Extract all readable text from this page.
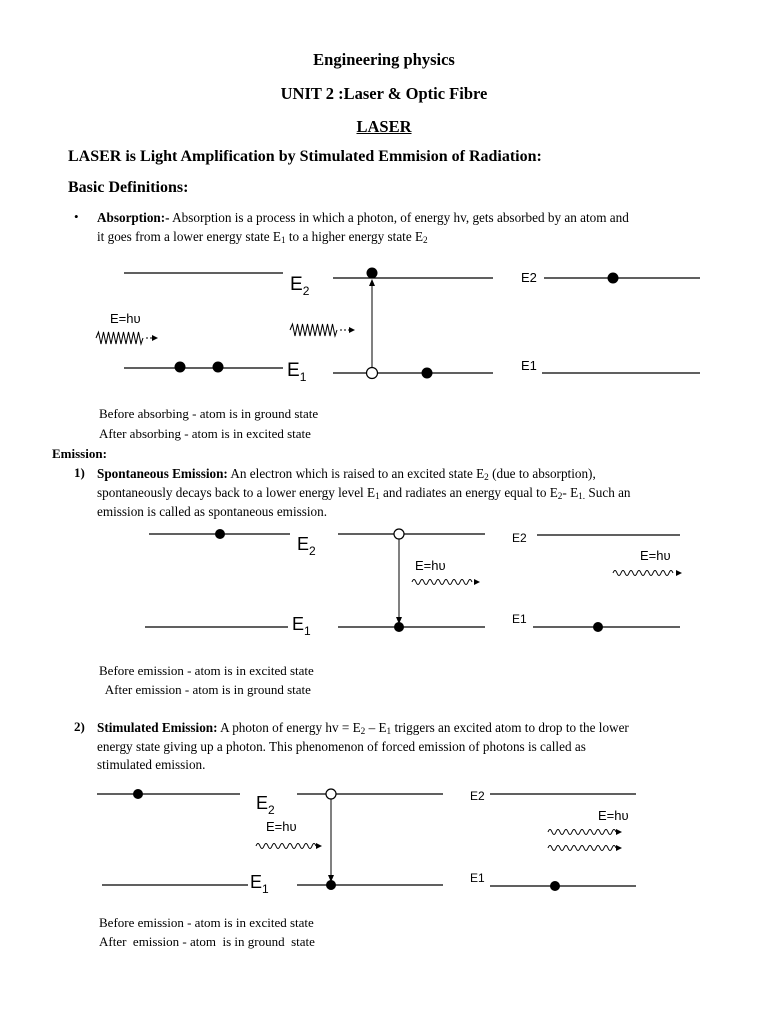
Engineering physics
UNIT 2 :Laser & Optic Fibre
LASER
LASER is Light Amplification by Stimulated Emmision of Radiation:
Basic Definitions:
• Absorption:- Absorption is a process in which a photon, of energy hv, gets absorbed by an atom and
it goes from a lower energy state $E_1$ to a higher energy state $E_2$
$E_2$
E=hυ
$E_1$
E2
E1
Before absorbing - atom is in ground state
After absorbing - atom is in excited state
Emission:
1) Spontaneous Emission: An electron which is raised to an excited state $E_2$ (due to absorption),
spontaneously decays back to a lower energy level $E_1$ and radiates an energy equal to $E_2-$ $E_{1.}$ Such an
emission is called as spontaneous emission.
$E_2$
$E_1$
E=hυ
E2
E=hυ
E1
Before emission - atom is in excited state
After emission - atom is in ground state
2) Stimulated Emission: A photon of energy hv = $E_2 - E_1$ triggers an excited atom to drop to the lower
energy state giving up a photon. This phenomenon of forced emission of photons is called as
stimulated emission.
$E_2$
E=hυ
$E_1$
E2
E=hυ
E1
Before emission - atom is in excited state
After  emission - atom  is in ground  state
